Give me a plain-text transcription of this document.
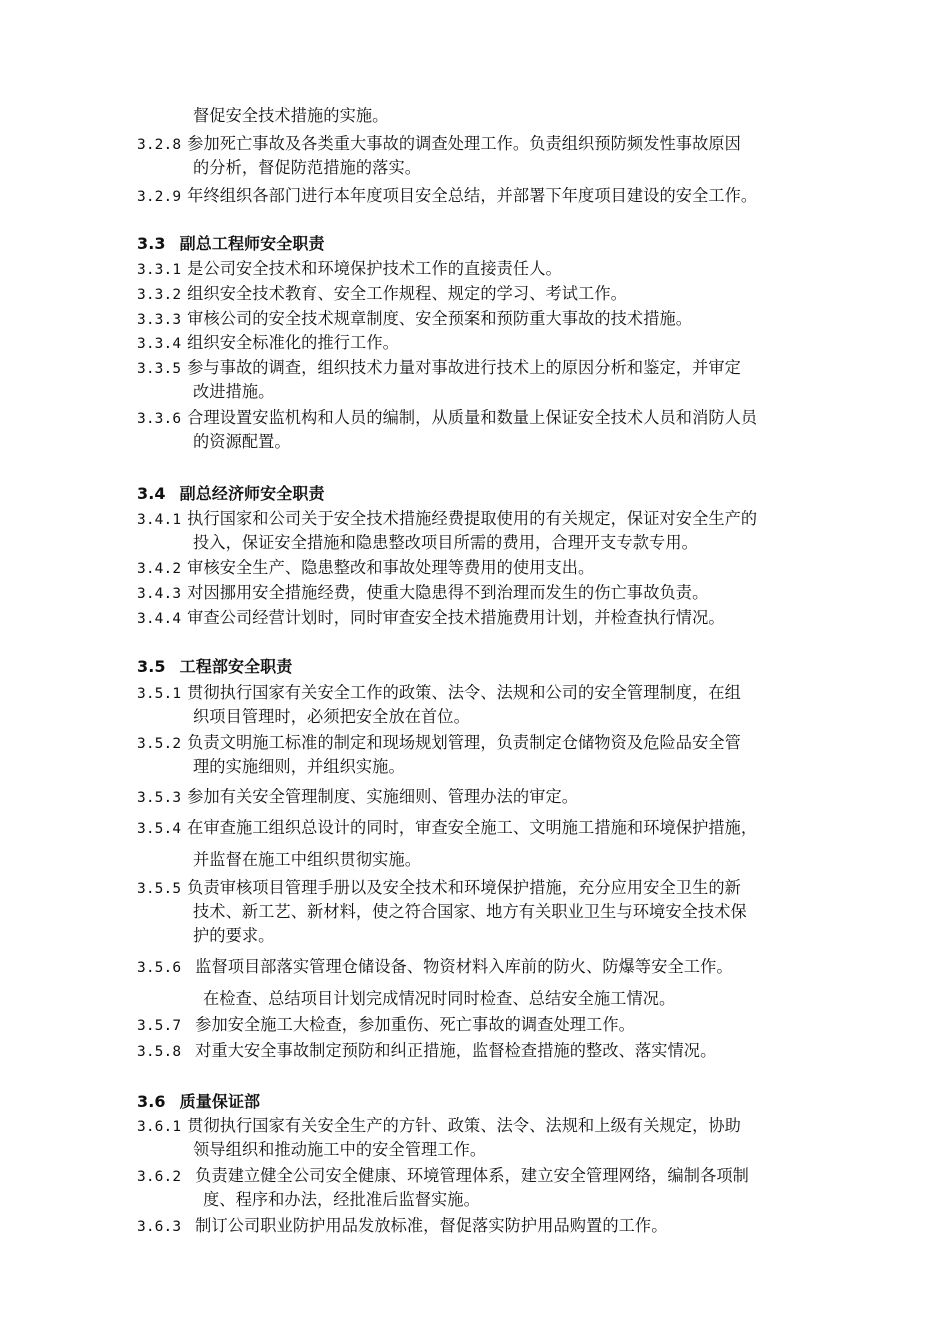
督促安全技术措施的实施。
3.2.8 参加死亡事故及各类重大事故的调查处理工作。负责组织预防频发性事故原因
的分析，督促防范措施的落实。
3.2.9 年终组织各部门进行本年度项目安全总结，并部署下年度项目建设的安全工作。
3.3 副总工程师安全职责
3.3.1 是公司安全技术和环境保护技术工作的直接责任人。
3.3.2 组织安全技术教育、安全工作规程、规定的学习、考试工作。
3.3.3 审核公司的安全技术规章制度、安全预案和预防重大事故的技术措施。
3.3.4 组织安全标准化的推行工作。
3.3.5 参与事故的调查，组织技术力量对事故进行技术上的原因分析和鉴定，并审定
改进措施。
3.3.6 合理设置安监机构和人员的编制，从质量和数量上保证安全技术人员和消防人员
的资源配置。
3.4 副总经济师安全职责
3.4.1 执行国家和公司关于安全技术措施经费提取使用的有关规定，保证对安全生产的
投入，保证安全措施和隐患整改项目所需的费用，合理开支专款专用。
3.4.2 审核安全生产、隐患整改和事故处理等费用的使用支出。
3.4.3 对因挪用安全措施经费，使重大隐患得不到治理而发生的伤亡事故负责。
3.4.4 审查公司经营计划时，同时审查安全技术措施费用计划，并检查执行情况。
3.5 工程部安全职责
3.5.1 贯彻执行国家有关安全工作的政策、法令、法规和公司的安全管理制度，在组
织项目管理时，必须把安全放在首位。
3.5.2 负责文明施工标准的制定和现场规划管理，负责制定仓储物资及危险品安全管
理的实施细则，并组织实施。
3.5.3 参加有关安全管理制度、实施细则、管理办法的审定。
3.5.4 在审查施工组织总设计的同时，审查安全施工、文明施工措施和环境保护措施，
并监督在施工中组织贯彻实施。
3.5.5 负责审核项目管理手册以及安全技术和环境保护措施，充分应用安全卫生的新
技术、新工艺、新材料，使之符合国家、地方有关职业卫生与环境安全技术保
护的要求。
3.5.6 监督项目部落实管理仓储设备、物资材料入库前的防火、防爆等安全工作。
在检查、总结项目计划完成情况时同时检查、总结安全施工情况。
3.5.7 参加安全施工大检查，参加重伤、死亡事故的调查处理工作。
3.5.8 对重大安全事故制定预防和纠正措施，监督检查措施的整改、落实情况。
3.6 质量保证部
3.6.1 贯彻执行国家有关安全生产的方针、政策、法令、法规和上级有关规定，协助
领导组织和推动施工中的安全管理工作。
3.6.2 负责建立健全公司安全健康、环境管理体系，建立安全管理网络，编制各项制
度、程序和办法，经批准后监督实施。
3.6.3 制订公司职业防护用品发放标准，督促落实防护用品购置的工作。
